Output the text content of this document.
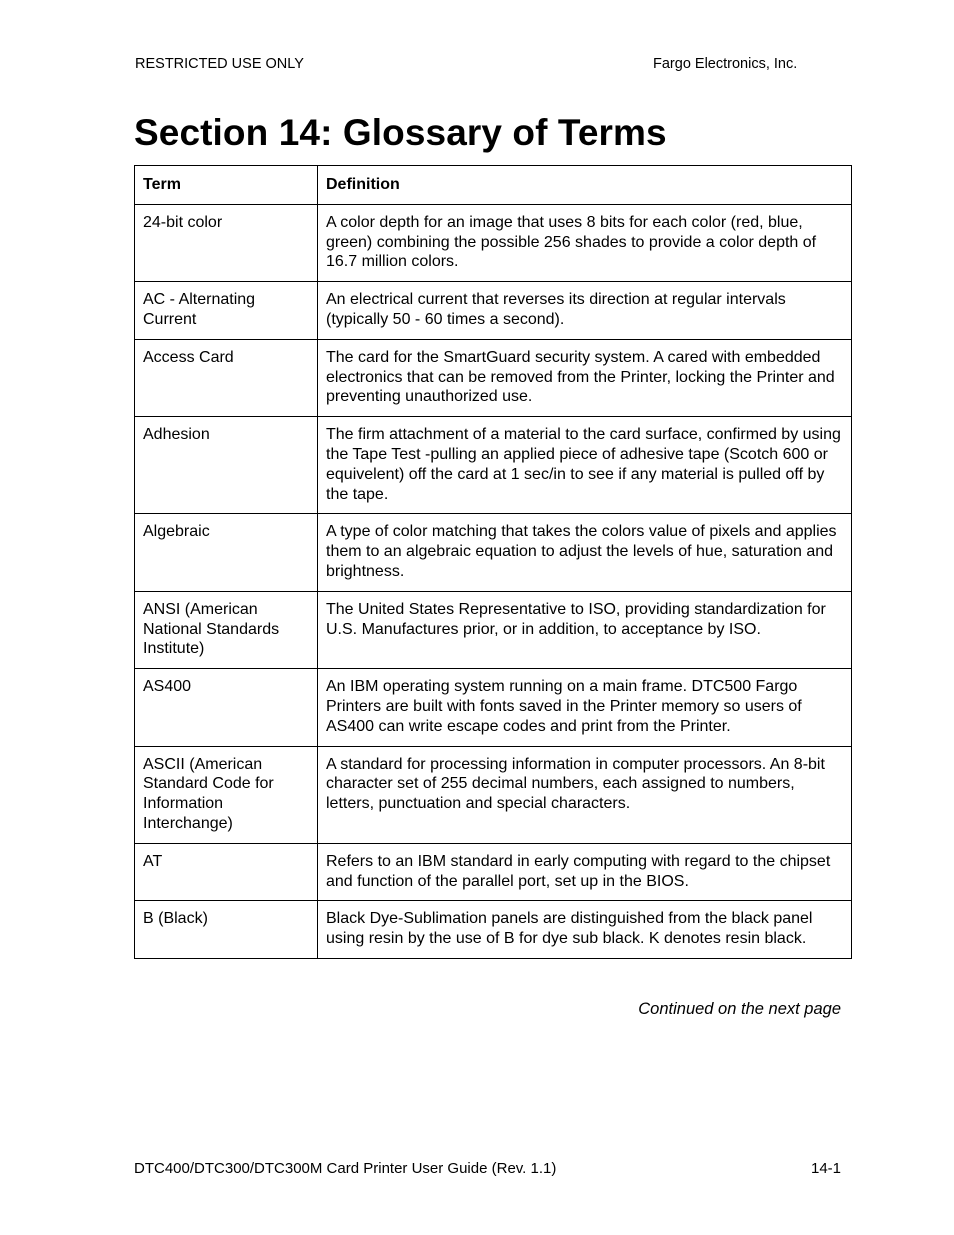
RESTRICTED USE ONLY	Fargo Electronics, Inc.
Section 14: Glossary of Terms
Term	Definition
24-bit color	A color depth for an image that uses 8 bits for each color (red, blue, green) combining the possible 256 shades to provide a color depth of 16.7 million colors.
AC - Alternating Current	An electrical current that reverses its direction at regular intervals (typically 50 - 60 times a second).
Access Card	The card for the SmartGuard security system. A cared with embedded electronics that can be removed from the Printer, locking the Printer and preventing unauthorized use.
Adhesion	The firm attachment of a material to the card surface, confirmed by using the Tape Test -pulling an applied piece of adhesive tape (Scotch 600 or equivelent) off the card at 1 sec/in to see if any material is pulled off by the tape.
Algebraic	A type of color matching that takes the colors value of pixels and applies them to an algebraic equation to adjust the levels of hue, saturation and brightness.
ANSI (American National Standards Institute)	The United States Representative to ISO, providing standardization for U.S. Manufactures prior, or in addition, to acceptance by ISO.
AS400	An IBM operating system running on a main frame. DTC500 Fargo Printers are built with fonts saved in the Printer memory so users of AS400 can write escape codes and print from the Printer.
ASCII (American Standard Code for Information Interchange)	A standard for processing information in computer processors. An 8-bit character set of 255 decimal numbers, each assigned to numbers, letters, punctuation and special characters.
AT	Refers to an IBM standard in early computing with regard to the chipset and function of the parallel port, set up in the BIOS.
B (Black)	Black Dye-Sublimation panels are distinguished from the black panel using resin by the use of B for dye sub black. K denotes resin black.
Continued on the next page
DTC400/DTC300/DTC300M Card Printer User Guide (Rev. 1.1)	14-1
